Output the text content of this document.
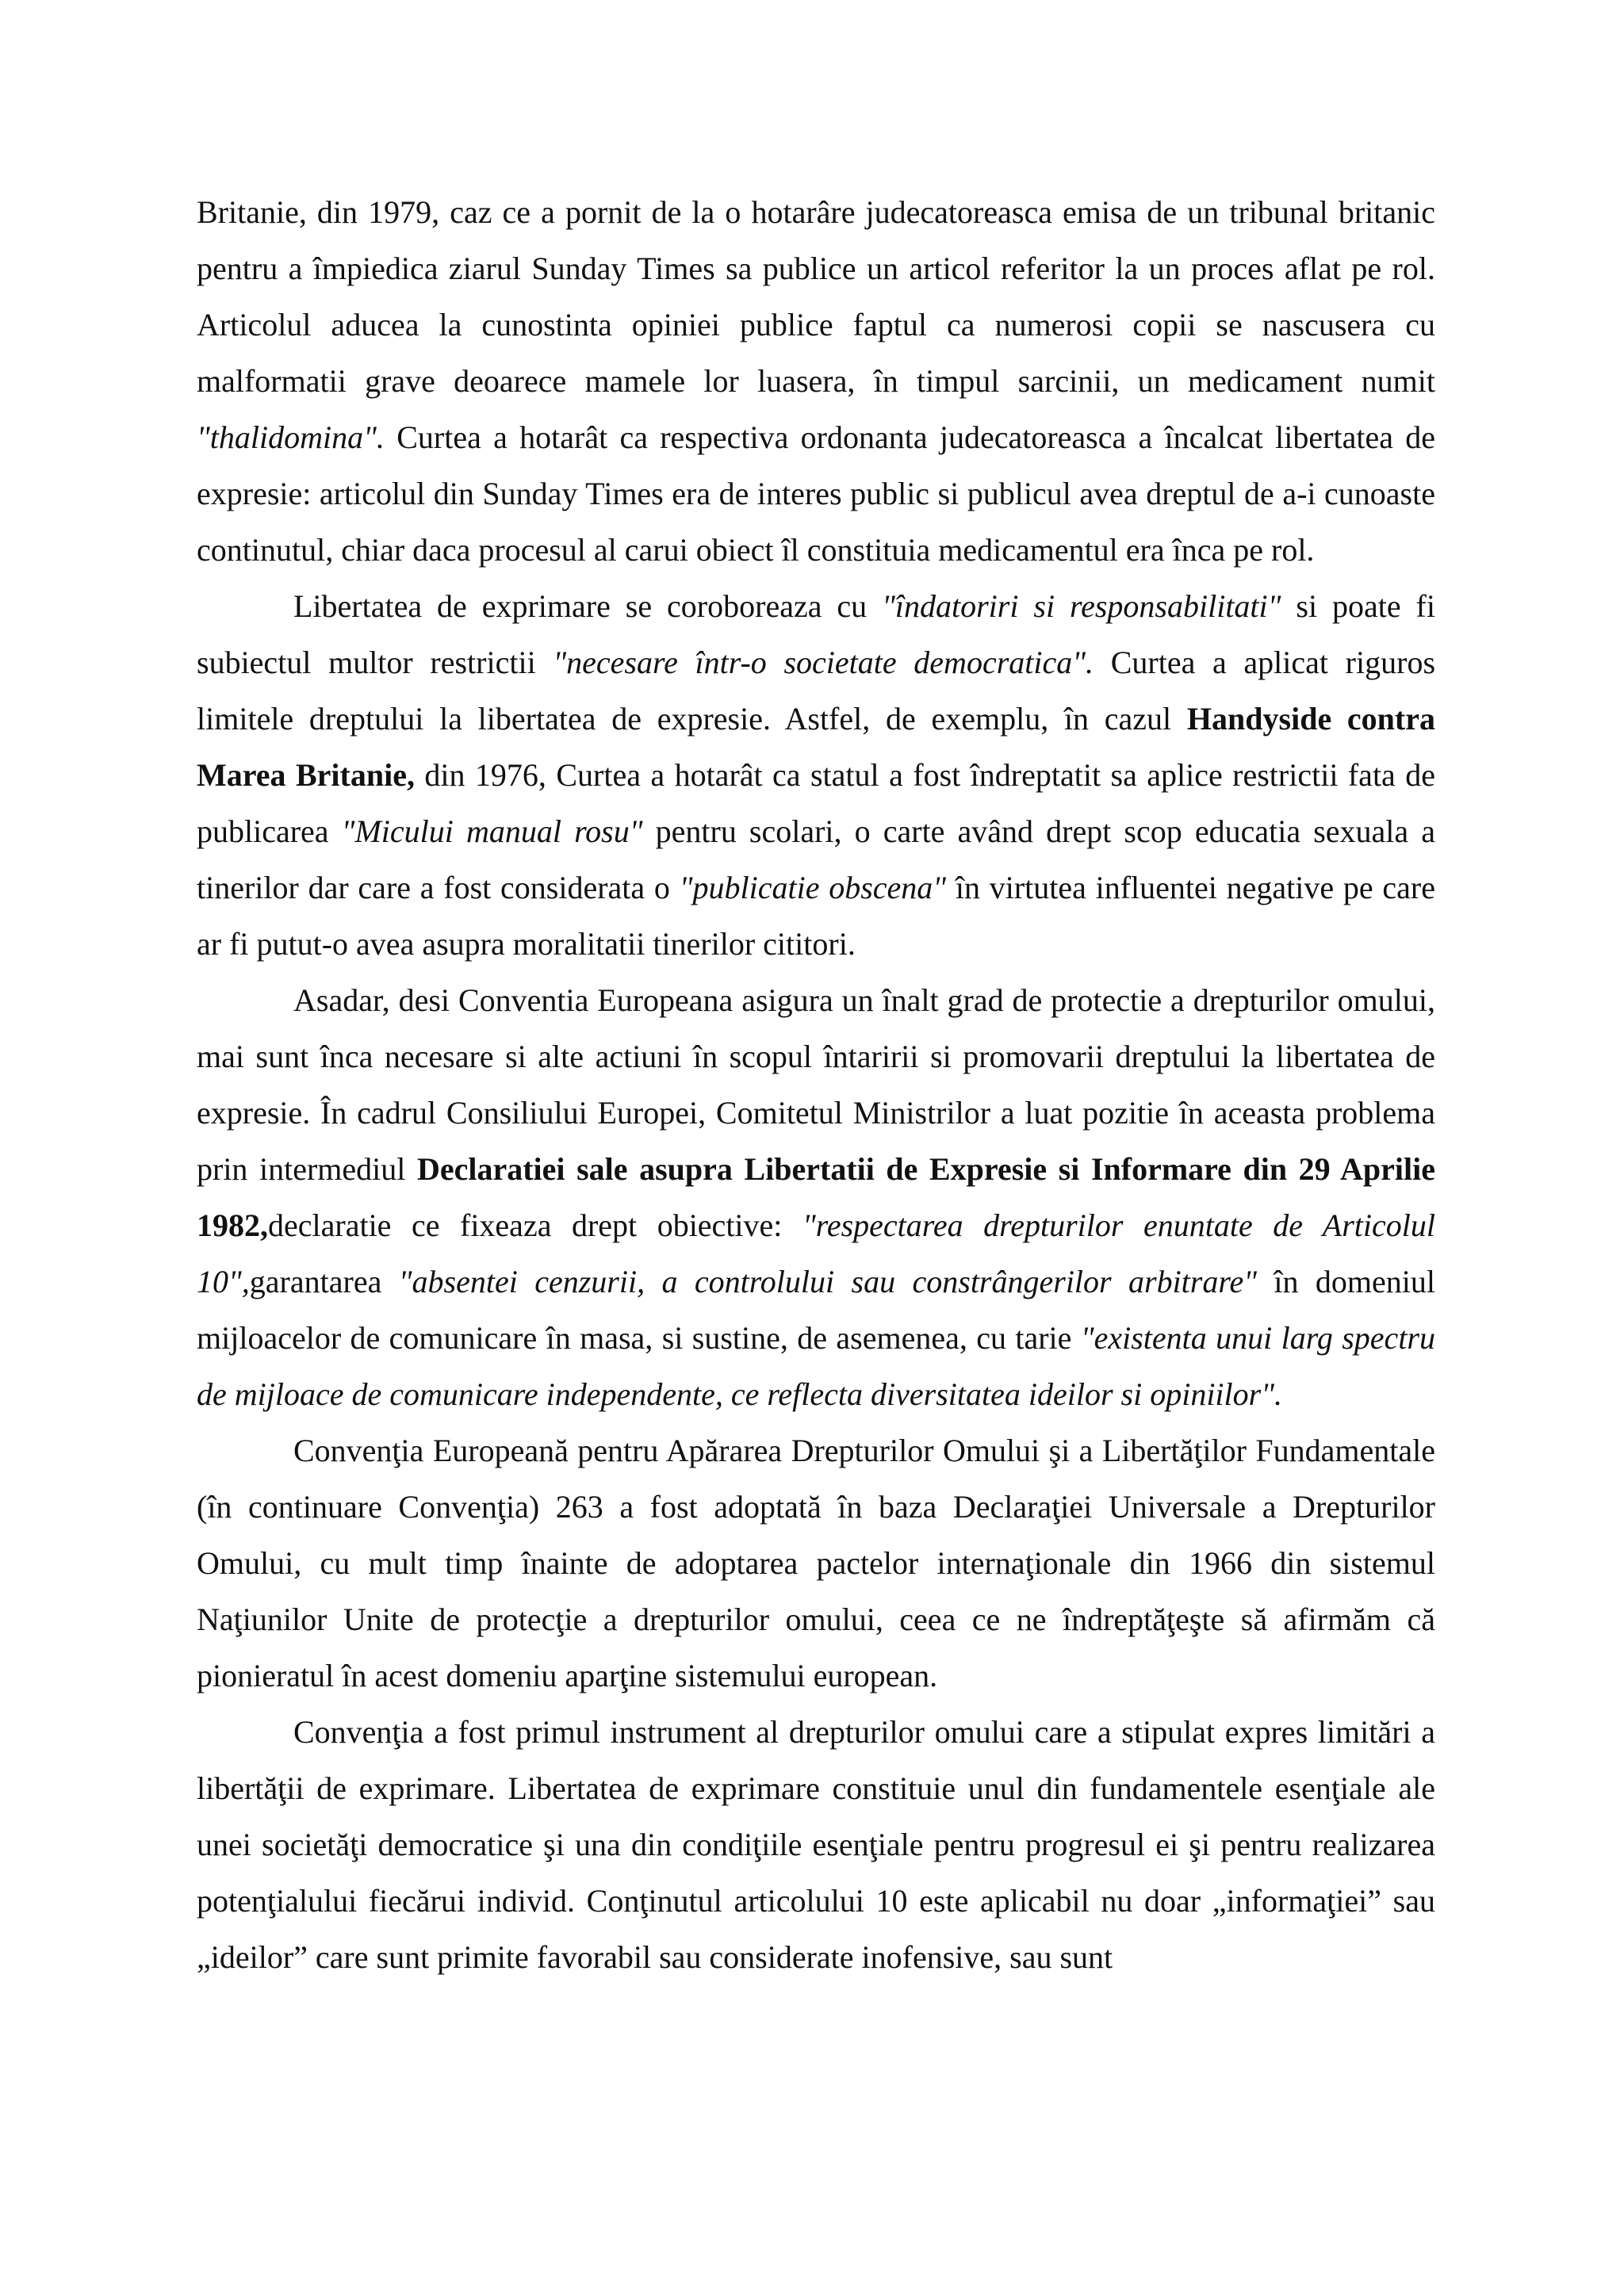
Britanie, din 1979, caz ce a pornit de la o hotarâre judecatoreasca emisa de un tribunal britanic pentru a împiedica ziarul Sunday Times sa publice un articol referitor la un proces aflat pe rol. Articolul aducea la cunostinta opiniei publice faptul ca numerosi copii se nascusera cu malformatii grave deoarece mamele lor luasera, în timpul sarcinii, un medicament numit "thalidomina". Curtea a hotarât ca respectiva ordonanta judecatoreasca a încalcat libertatea de expresie: articolul din Sunday Times era de interes public si publicul avea dreptul de a-i cunoaste continutul, chiar daca procesul al carui obiect îl constituia medicamentul era înca pe rol.

Libertatea de exprimare se coroboreaza cu "îndatoriri si responsabilitati" si poate fi subiectul multor restrictii "necesare într-o societate democratica". Curtea a aplicat riguros limitele dreptului la libertatea de expresie. Astfel, de exemplu, în cazul Handyside contra Marea Britanie, din 1976, Curtea a hotarât ca statul a fost îndreptatit sa aplice restrictii fata de publicarea "Micului manual rosu" pentru scolari, o carte având drept scop educatia sexuala a tinerilor dar care a fost considerata o "publicatie obscena" în virtutea influentei negative pe care ar fi putut-o avea asupra moralitatii tinerilor cititori.

Asadar, desi Conventia Europeana asigura un înalt grad de protectie a drepturilor omului, mai sunt înca necesare si alte actiuni în scopul întaririi si promovarii dreptului la libertatea de expresie. În cadrul Consiliului Europei, Comitetul Ministrilor a luat pozitie în aceasta problema prin intermediul Declaratiei sale asupra Libertatii de Expresie si Informare din 29 Aprilie 1982,declaratie ce fixeaza drept obiective: "respectarea drepturilor enuntate de Articolul 10",garantarea "absentei cenzurii, a controlului sau constrângerilor arbitrare" în domeniul mijloacelor de comunicare în masa, si sustine, de asemenea, cu tarie "existenta unui larg spectru de mijloace de comunicare independente, ce reflecta diversitatea ideilor si opiniilor".

Convenţia Europeană pentru Apărarea Drepturilor Omului şi a Libertăţilor Fundamentale (în continuare Convenţia) 263 a fost adoptată în baza Declaraţiei Universale a Drepturilor Omului, cu mult timp înainte de adoptarea pactelor internaţionale din 1966 din sistemul Naţiunilor Unite de protecţie a drepturilor omului, ceea ce ne îndreptăţeşte să afirmăm că pionieratul în acest domeniu aparţine sistemului european.

Convenţia a fost primul instrument al drepturilor omului care a stipulat expres limitări a libertăţii de exprimare. Libertatea de exprimare constituie unul din fundamentele esenţiale ale unei societăţi democratice şi una din condiţiile esenţiale pentru progresul ei şi pentru realizarea potenţialului fiecărui individ. Conţinutul articolului 10 este aplicabil nu doar „informaţiei” sau „ideilor” care sunt primite favorabil sau considerate inofensive, sau sunt
